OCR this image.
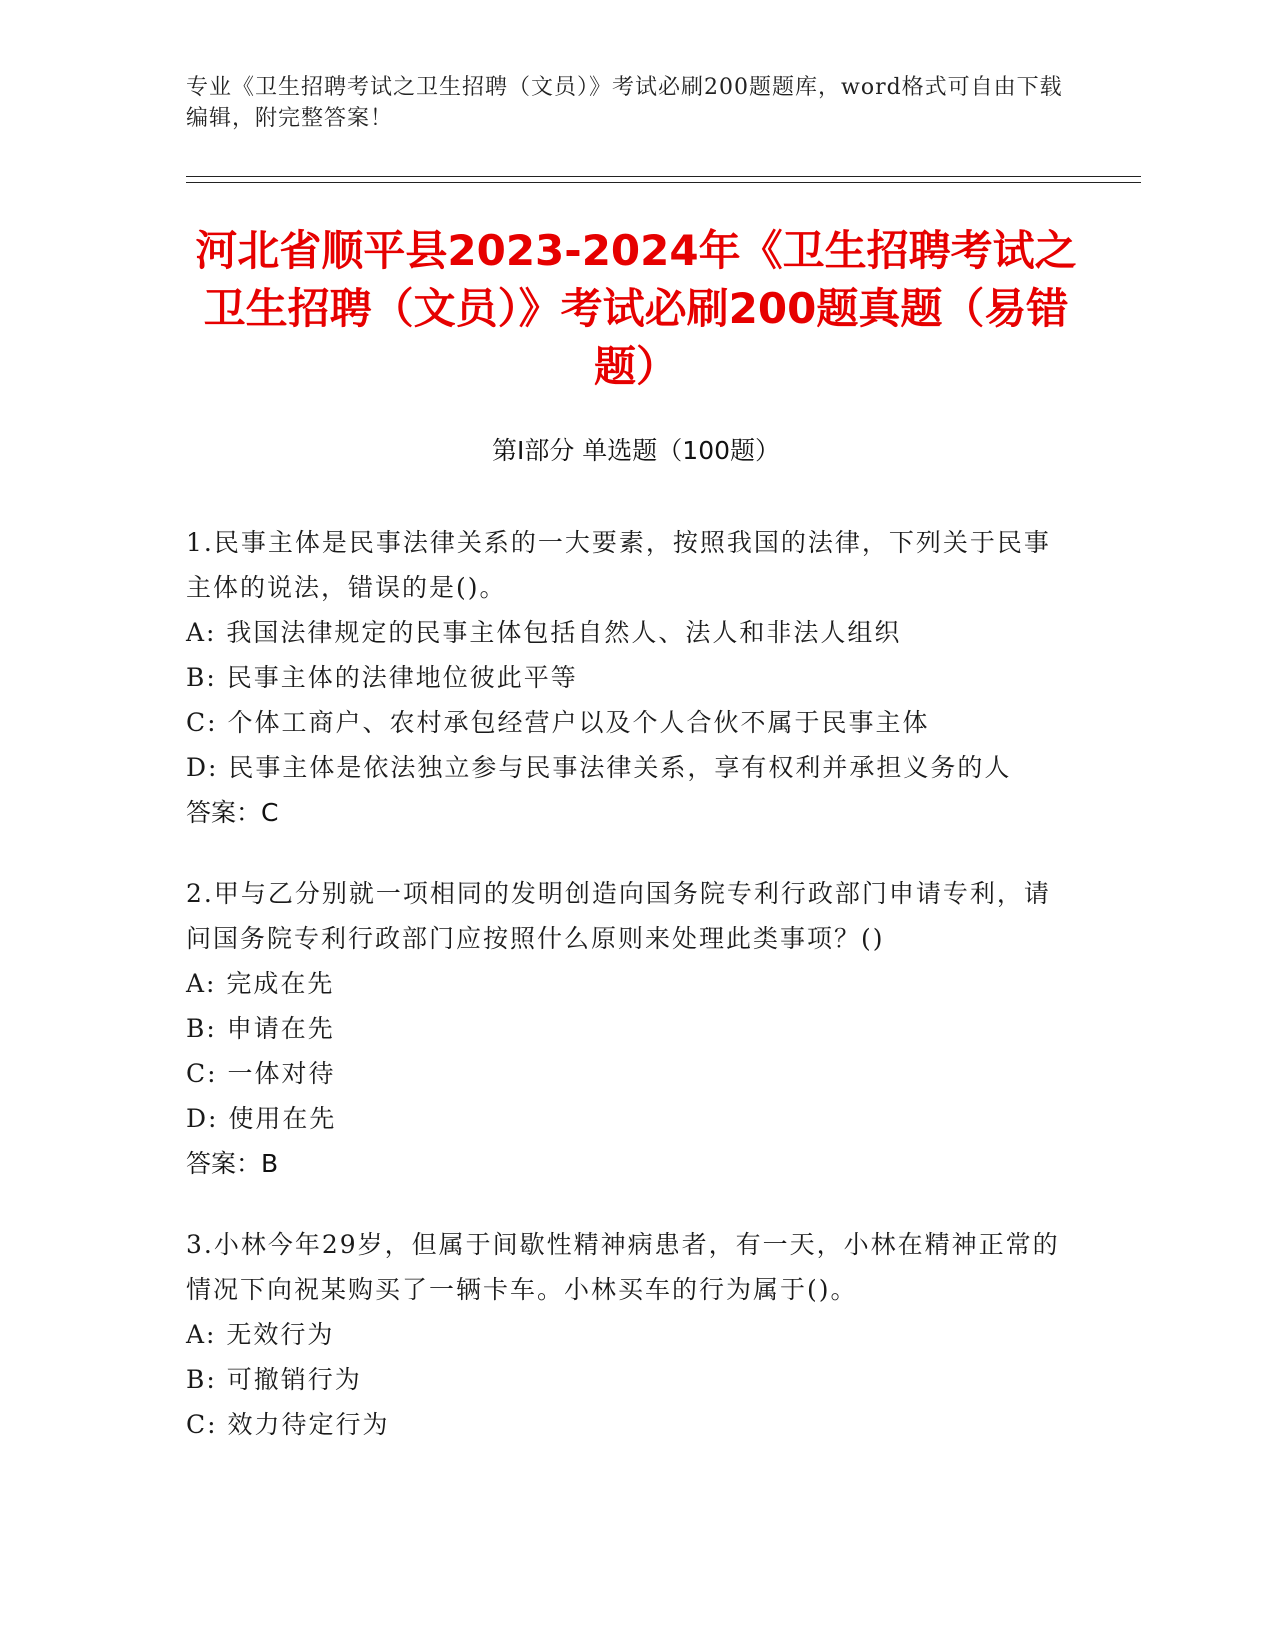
专业《卫生招聘考试之卫生招聘（文员）》考试必刷200题题库，word格式可自由下载编辑，附完整答案！
河北省顺平县2023-2024年《卫生招聘考试之卫生招聘（文员）》考试必刷200题真题（易错题）
第Ⅰ部分 单选题（100题）
1.民事主体是民事法律关系的一大要素，按照我国的法律，下列关于民事主体的说法，错误的是()。
A: 我国法律规定的民事主体包括自然人、法人和非法人组织
B: 民事主体的法律地位彼此平等
C: 个体工商户、农村承包经营户以及个人合伙不属于民事主体
D: 民事主体是依法独立参与民事法律关系，享有权利并承担义务的人
答案：C
2.甲与乙分别就一项相同的发明创造向国务院专利行政部门申请专利，请问国务院专利行政部门应按照什么原则来处理此类事项？()
A: 完成在先
B: 申请在先
C: 一体对待
D: 使用在先
答案：B
3.小林今年29岁，但属于间歇性精神病患者，有一天，小林在精神正常的情况下向祝某购买了一辆卡车。小林买车的行为属于()。
A: 无效行为
B: 可撤销行为
C: 效力待定行为
